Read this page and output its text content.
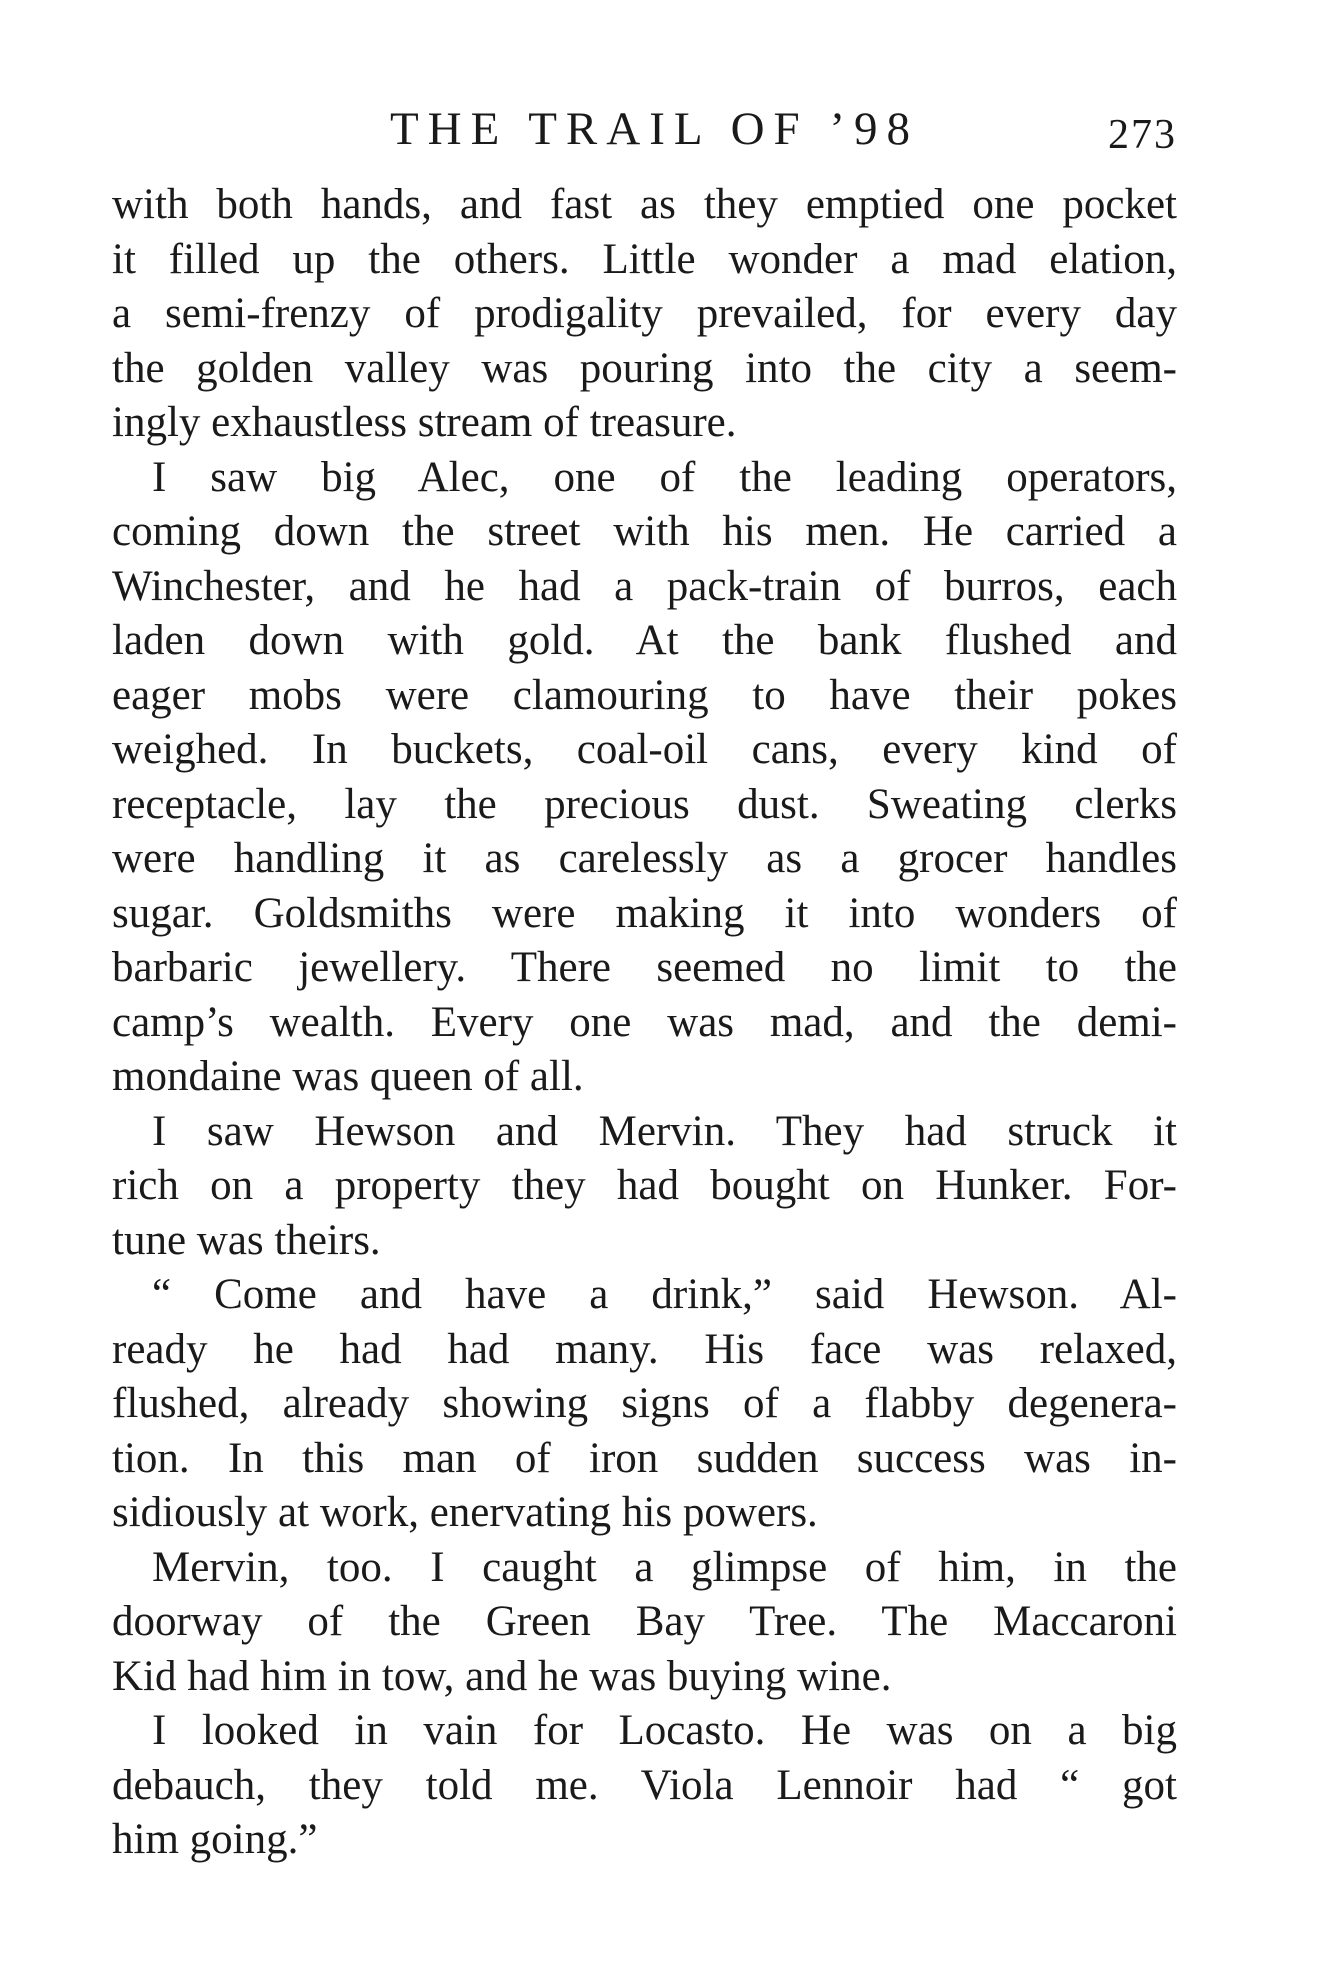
THE TRAIL OF ’98	273
with both hands, and fast as they emptied one pocket
it filled up the others. Little wonder a mad elation,
a semi-frenzy of prodigality prevailed, for every day
the golden valley was pouring into the city a seem-
ingly exhaustless stream of treasure.
I saw big Alec, one of the leading operators,
coming down the street with his men. He carried a
Winchester, and he had a pack-train of burros, each
laden down with gold. At the bank flushed and
eager mobs were clamouring to have their pokes
weighed. In buckets, coal-oil cans, every kind of
receptacle, lay the precious dust. Sweating clerks
were handling it as carelessly as a grocer handles
sugar. Goldsmiths were making it into wonders of
barbaric jewellery. There seemed no limit to the
camp’s wealth. Every one was mad, and the demi-
mondaine was queen of all.
I saw Hewson and Mervin. They had struck it
rich on a property they had bought on Hunker. For-
tune was theirs.
“ Come and have a drink,” said Hewson. Al-
ready he had had many. His face was relaxed,
flushed, already showing signs of a flabby degenera-
tion. In this man of iron sudden success was in-
sidiously at work, enervating his powers.
Mervin, too. I caught a glimpse of him, in the
doorway of the Green Bay Tree. The Maccaroni
Kid had him in tow, and he was buying wine.
I looked in vain for Locasto. He was on a big
debauch, they told me. Viola Lennoir had “ got
him going.”
